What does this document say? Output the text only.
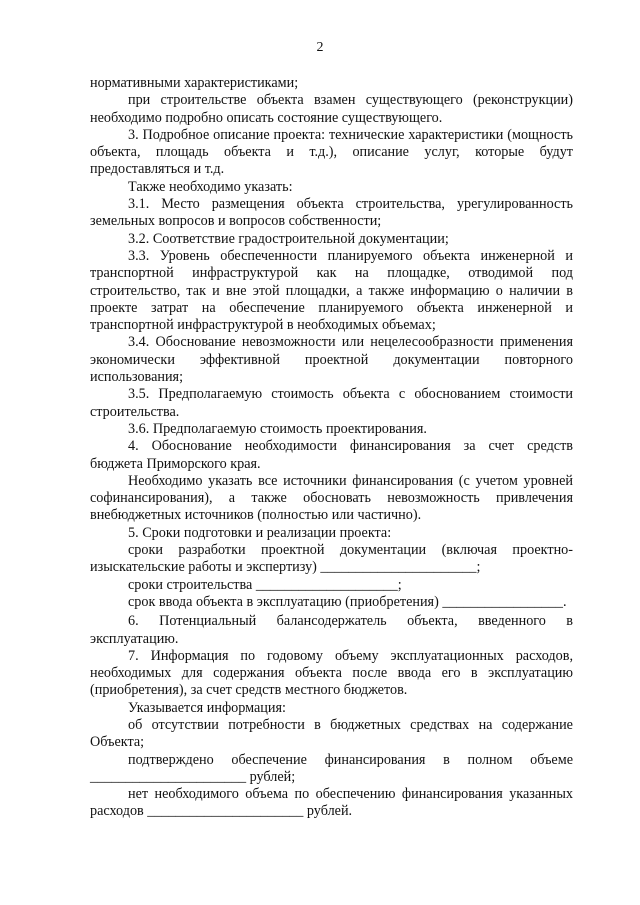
2

нормативными характеристиками;

при строительстве объекта взамен существующего (реконструкции) необходимо подробно описать состояние существующего.

3. Подробное описание проекта: технические характеристики (мощность объекта, площадь объекта и т.д.), описание услуг, которые будут предоставляться и т.д.

Также необходимо указать:

3.1. Место размещения объекта строительства, урегулированность земельных вопросов и вопросов собственности;

3.2. Соответствие градостроительной документации;

3.3. Уровень обеспеченности планируемого объекта инженерной и транспортной инфраструктурой как на площадке, отводимой под строительство, так и вне этой площадки, а также информацию о наличии в проекте затрат на обеспечение планируемого объекта инженерной и транспортной инфраструктурой в необходимых объемах;

3.4. Обоснование невозможности или нецелесообразности применения экономически эффективной проектной документации повторного использования;

3.5. Предполагаемую стоимость объекта с обоснованием стоимости строительства.

3.6. Предполагаемую стоимость проектирования.

4. Обоснование необходимости финансирования за счет средств бюджета Приморского края.

Необходимо указать все источники финансирования (с учетом уровней софинансирования), а также обосновать невозможность привлечения внебюджетных источников (полностью или частично).

5. Сроки подготовки и реализации проекта:

сроки разработки проектной документации (включая проектно-изыскательские работы и экспертизу) ______________________;

сроки строительства ____________________;

срок ввода объекта в эксплуатацию (приобретения) _________________.

6. Потенциальный балансодержатель объекта, введенного в эксплуатацию.

7. Информация по годовому объему эксплуатационных расходов, необходимых для содержания объекта после ввода его в эксплуатацию (приобретения), за счет средств местного бюджетов.

Указывается информация:

об отсутствии потребности в бюджетных средствах на содержание Объекта;

подтверждено обеспечение финансирования в полном объеме ______________________ рублей;

нет необходимого объема по обеспечению финансирования указанных расходов ______________________ рублей.
